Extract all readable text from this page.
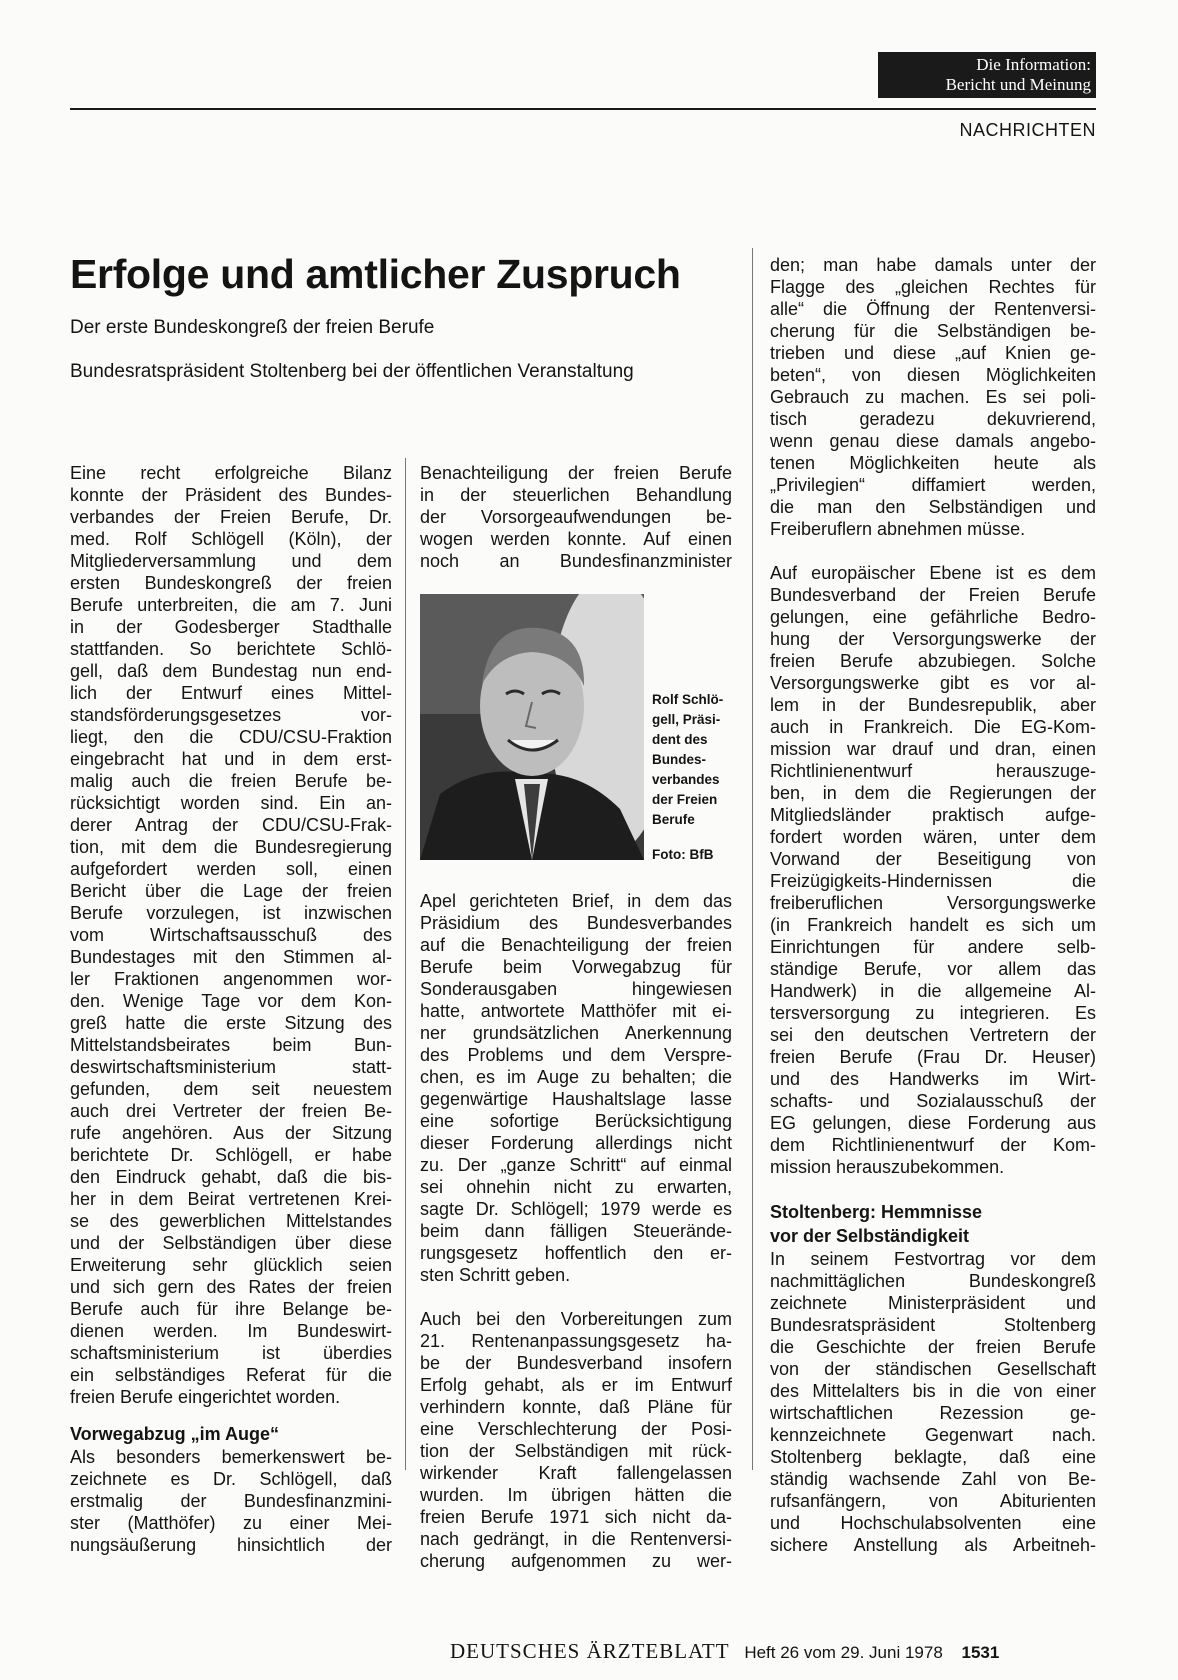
Die Information:
Bericht und Meinung
NACHRICHTEN
Erfolge und amtlicher Zuspruch

Der erste Bundeskongreß der freien Berufe

Bundesratspräsident Stoltenberg bei der öffentlichen Veranstaltung

Eine recht erfolgreiche Bilanz
konnte der Präsident des Bundes-
verbandes der Freien Berufe, Dr.
med. Rolf Schlögell (Köln), der
Mitgliederversammlung und dem
ersten Bundeskongreß der freien
Berufe unterbreiten, die am 7. Juni
in der Godesberger Stadthalle
stattfanden. So berichtete Schlö-
gell, daß dem Bundestag nun end-
lich der Entwurf eines Mittel-
standsförderungsgesetzes vor-
liegt, den die CDU/CSU-Fraktion
eingebracht hat und in dem erst-
malig auch die freien Berufe be-
rücksichtigt worden sind. Ein an-
derer Antrag der CDU/CSU-Frak-
tion, mit dem die Bundesregierung
aufgefordert werden soll, einen
Bericht über die Lage der freien
Berufe vorzulegen, ist inzwischen
vom Wirtschaftsausschuß des
Bundestages mit den Stimmen al-
ler Fraktionen angenommen wor-
den. Wenige Tage vor dem Kon-
greß hatte die erste Sitzung des
Mittelstandsbeirates beim Bun-
deswirtschaftsministerium statt-
gefunden, dem seit neuestem
auch drei Vertreter der freien Be-
rufe angehören. Aus der Sitzung
berichtete Dr. Schlögell, er habe
den Eindruck gehabt, daß die bis-
her in dem Beirat vertretenen Krei-
se des gewerblichen Mittelstandes
und der Selbständigen über diese
Erweiterung sehr glücklich seien
und sich gern des Rates der freien
Berufe auch für ihre Belange be-
dienen werden. Im Bundeswirt-
schaftsministerium ist überdies
ein selbständiges Referat für die
freien Berufe eingerichtet worden.
Vorwegabzug „im Auge“
Als besonders bemerkenswert be-
zeichnete es Dr. Schlögell, daß
erstmalig der Bundesfinanzmini-
ster (Matthöfer) zu einer Mei-
nungsäußerung hinsichtlich der
Benachteiligung der freien Berufe
in der steuerlichen Behandlung
der Vorsorgeaufwendungen be-
wogen werden konnte. Auf einen
noch an Bundesfinanzminister
Rolf Schlö-
gell, Präsi-
dent des
Bundes-
verbandes
der Freien
Berufe
Foto: BfB
Apel gerichteten Brief, in dem das
Präsidium des Bundesverbandes
auf die Benachteiligung der freien
Berufe beim Vorwegabzug für
Sonderausgaben hingewiesen
hatte, antwortete Matthöfer mit ei-
ner grundsätzlichen Anerkennung
des Problems und dem Verspre-
chen, es im Auge zu behalten; die
gegenwärtige Haushaltslage lasse
eine sofortige Berücksichtigung
dieser Forderung allerdings nicht
zu. Der „ganze Schritt“ auf einmal
sei ohnehin nicht zu erwarten,
sagte Dr. Schlögell; 1979 werde es
beim dann fälligen Steuerände-
rungsgesetz hoffentlich den er-
sten Schritt geben.
Auch bei den Vorbereitungen zum
21. Rentenanpassungsgesetz ha-
be der Bundesverband insofern
Erfolg gehabt, als er im Entwurf
verhindern konnte, daß Pläne für
eine Verschlechterung der Posi-
tion der Selbständigen mit rück-
wirkender Kraft fallengelassen
wurden. Im übrigen hätten die
freien Berufe 1971 sich nicht da-
nach gedrängt, in die Rentenversi-
cherung aufgenommen zu wer-
den; man habe damals unter der
Flagge des „gleichen Rechtes für
alle“ die Öffnung der Rentenversi-
cherung für die Selbständigen be-
trieben und diese „auf Knien ge-
beten“, von diesen Möglichkeiten
Gebrauch zu machen. Es sei poli-
tisch geradezu dekuvrierend,
wenn genau diese damals angebo-
tenen Möglichkeiten heute als
„Privilegien“ diffamiert werden,
die man den Selbständigen und
Freiberuflern abnehmen müsse.
Auf europäischer Ebene ist es dem
Bundesverband der Freien Berufe
gelungen, eine gefährliche Bedro-
hung der Versorgungswerke der
freien Berufe abzubiegen. Solche
Versorgungswerke gibt es vor al-
lem in der Bundesrepublik, aber
auch in Frankreich. Die EG-Kom-
mission war drauf und dran, einen
Richtlinienentwurf herauszuge-
ben, in dem die Regierungen der
Mitgliedsländer praktisch aufge-
fordert worden wären, unter dem
Vorwand der Beseitigung von
Freizügigkeits-Hindernissen die
freiberuflichen Versorgungswerke
(in Frankreich handelt es sich um
Einrichtungen für andere selb-
ständige Berufe, vor allem das
Handwerk) in die allgemeine Al-
tersversorgung zu integrieren. Es
sei den deutschen Vertretern der
freien Berufe (Frau Dr. Heuser)
und des Handwerks im Wirt-
schafts- und Sozialausschuß der
EG gelungen, diese Forderung aus
dem Richtlinienentwurf der Kom-
mission herauszubekommen.
Stoltenberg: Hemmnisse
vor der Selbständigkeit
In seinem Festvortrag vor dem
nachmittäglichen Bundeskongreß
zeichnete Ministerpräsident und
Bundesratspräsident Stoltenberg
die Geschichte der freien Berufe
von der ständischen Gesellschaft
des Mittelalters bis in die von einer
wirtschaftlichen Rezession ge-
kennzeichnete Gegenwart nach.
Stoltenberg beklagte, daß eine
ständig wachsende Zahl von Be-
rufsanfängern, von Abiturienten
und Hochschulabsolventen eine
sichere Anstellung als Arbeitneh-
DEUTSCHES ÄRZTEBLATT Heft 26 vom 29. Juni 1978 1531
